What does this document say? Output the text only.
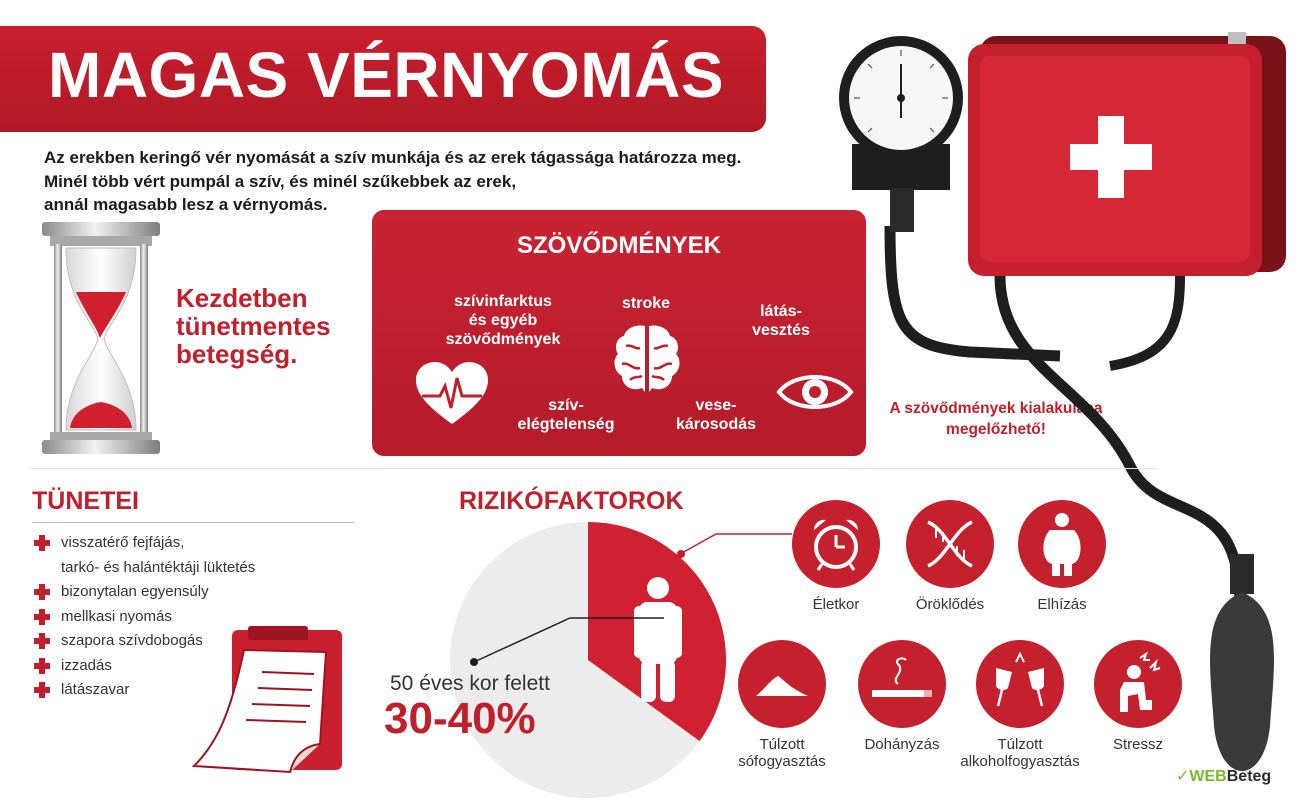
MAGAS VÉRNYOMÁS
Az erekben keringő vér nyomását a szív munkája és az erek tágassága határozza meg.
Minél több vért pumpál a szív, és minél szűkebbek az erek,
annál magasabb lesz a vérnyomás.
Kezdetben
tünetmentes
betegség.
SZÖVŐDMÉNYEK
szívinfarktus
és egyéb
szövődmények
stroke	látás-
vesztés
szív-
elégtelenség
vese-
károsodás
A szövődmények kialakulása
megelőzhető!
TÜNETEI
visszatérő fejfájás,
tarkó- és halántéktáji lüktetés
bizonytalan egyensúly
mellkasi nyomás
szapora szívdobogás
izzadás
látászavar
RIZIKÓFAKTOROK
50 éves kor felett
30-40%
Életkor	Öröklődés	Elhízás
Túlzott
sófogyasztás
Dohányzás	Túlzott
alkoholfogyasztás
Stressz
✓WEBBeteg
